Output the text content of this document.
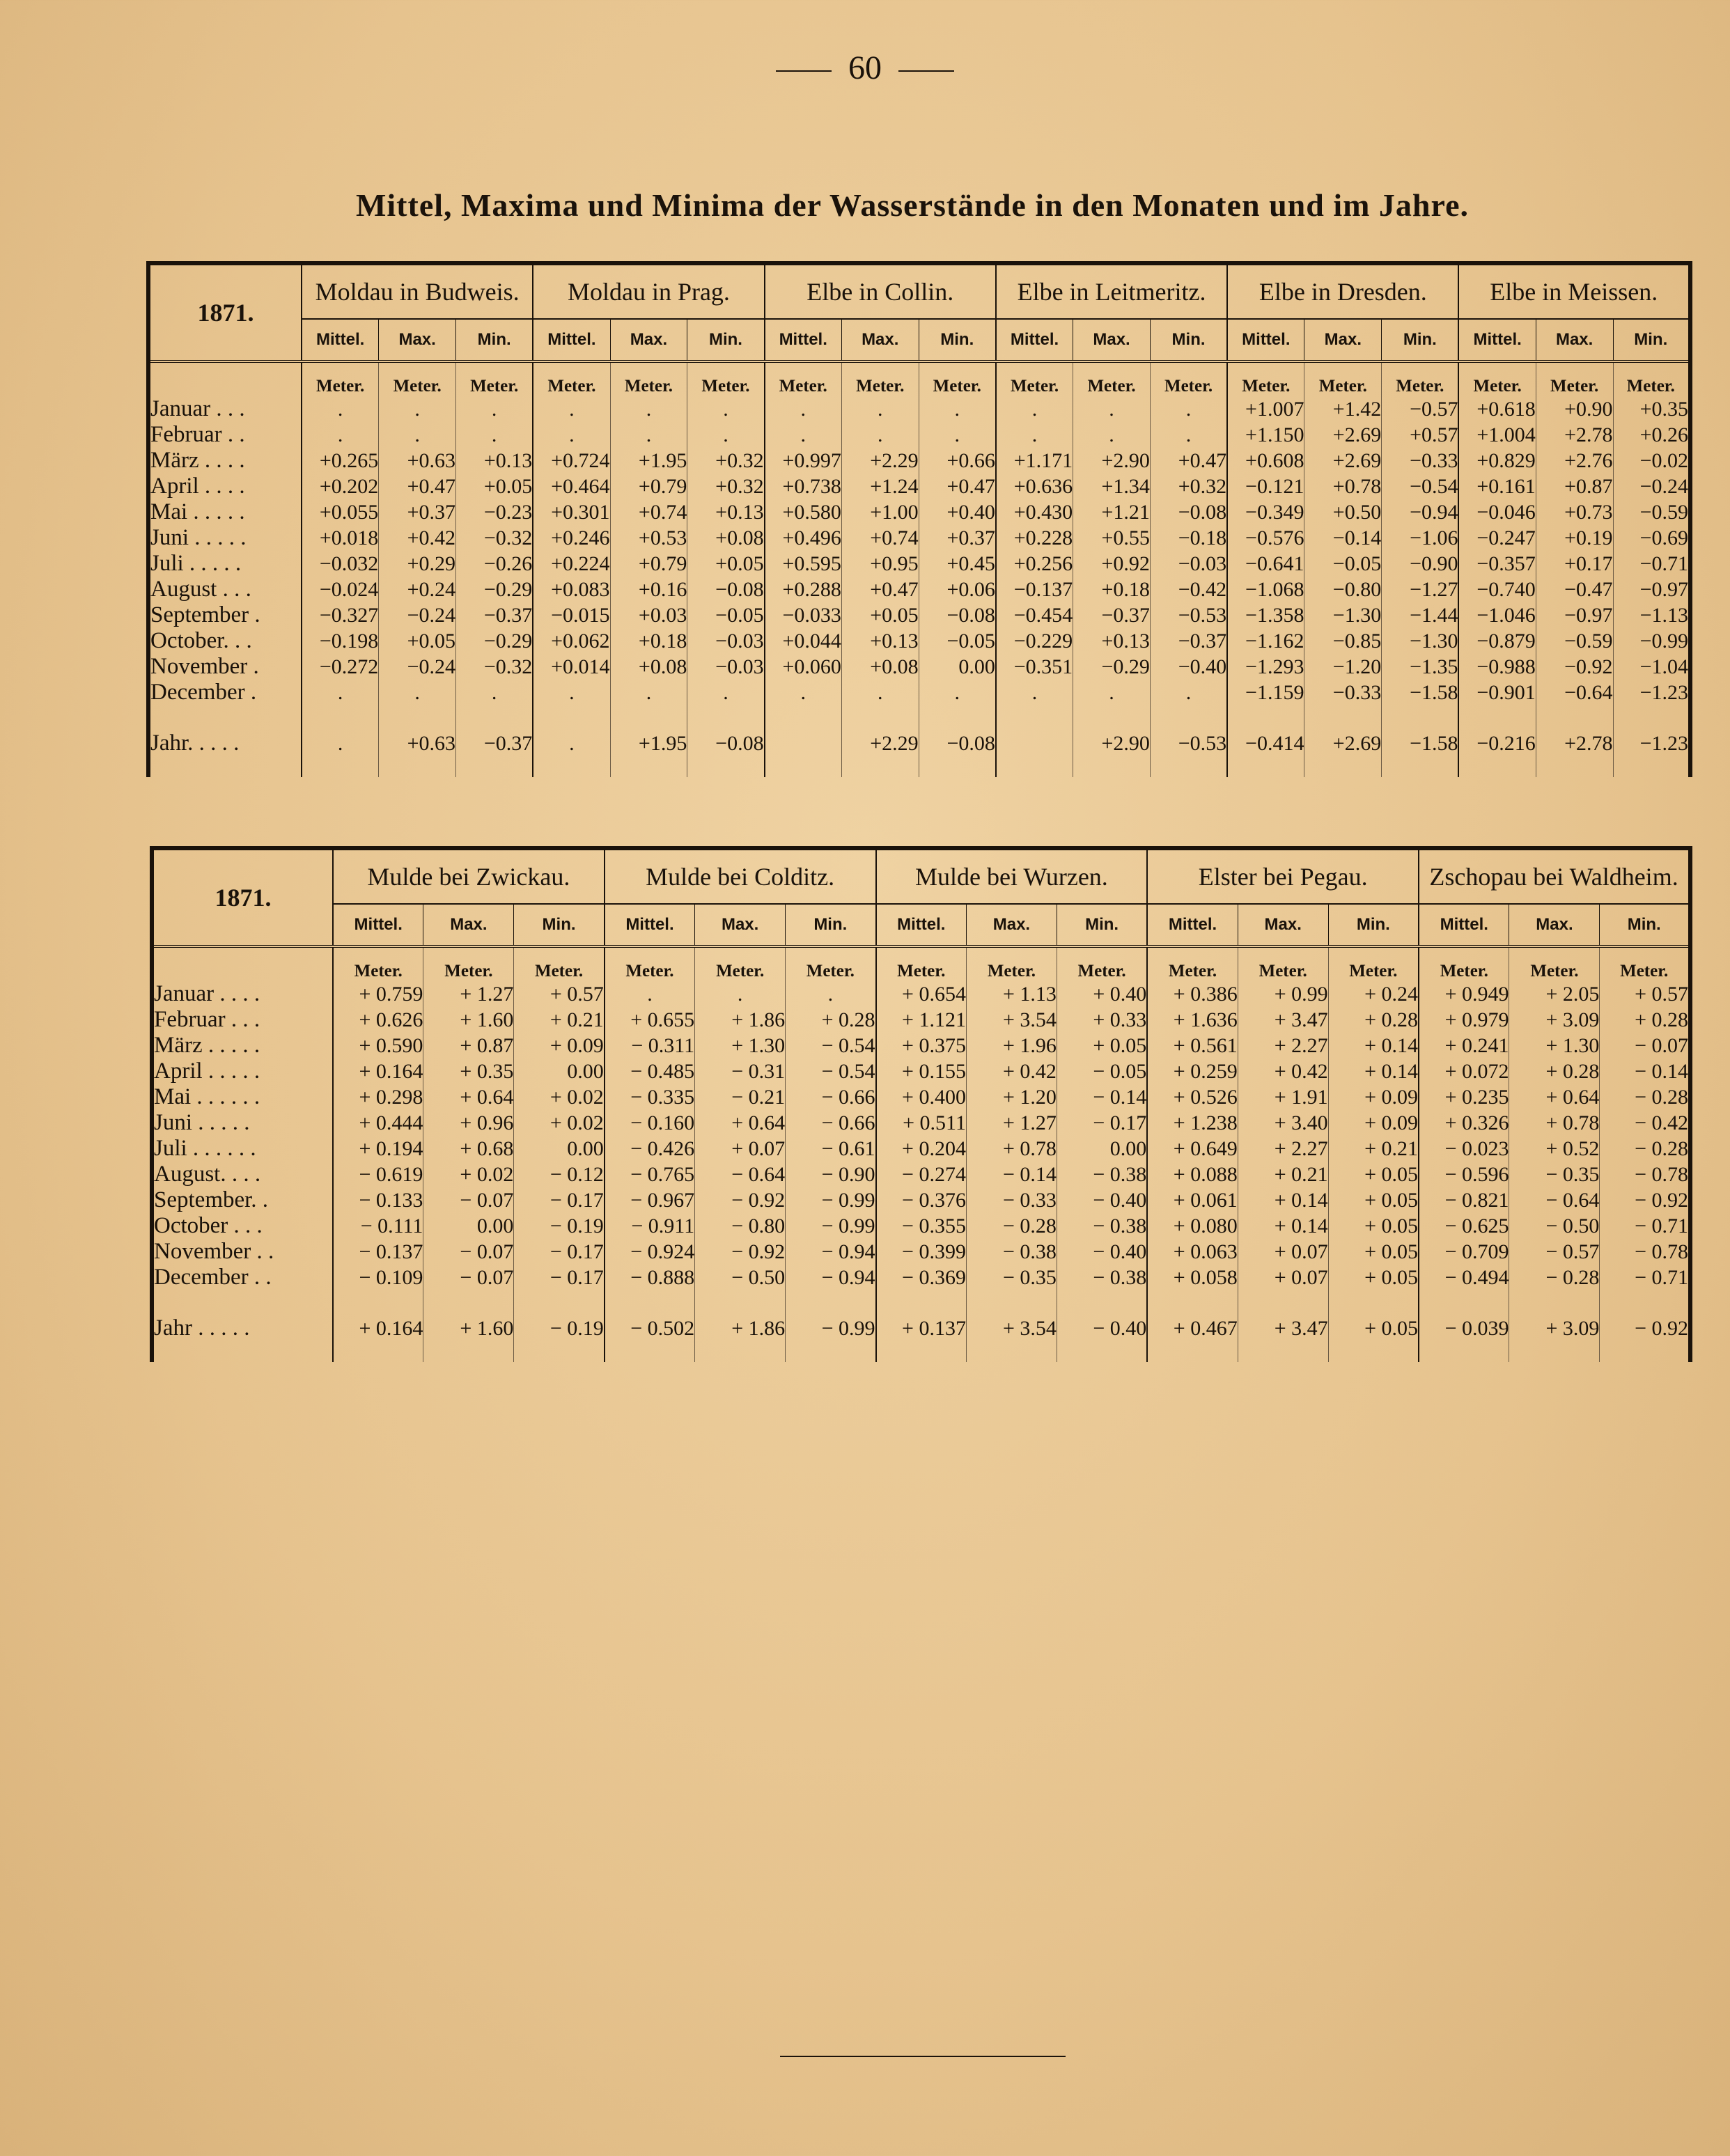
60
Mittel, Maxima und Minima der Wasserstände in den Monaten und im Jahre.
1871.	Moldau in Budweis.			Moldau in Prag.			Elbe in Collin.			Elbe in Leitmeritz.			Elbe in Dresden.			Elbe in Meissen.		
	Mittel.	Max.	Min.	Mittel.	Max.	Min.	Mittel.	Max.	Min.	Mittel.	Max.	Min.	Mittel.	Max.	Min.	Mittel.	Max.	Min.
	Meter.	Meter.	Meter.	Meter.	Meter.	Meter.	Meter.	Meter.	Meter.	Meter.	Meter.	Meter.	Meter.	Meter.	Meter.	Meter.	Meter.	Meter.
Januar . . .	.	.	.	.	.	.	.	.	.	.	.	.	+1.007	+1.42	−0.57	+0.618	+0.90	+0.35
Februar . .	.	.	.	.	.	.	.	.	.	.	.	.	+1.150	+2.69	+0.57	+1.004	+2.78	+0.26
März . . . .	+0.265	+0.63	+0.13	+0.724	+1.95	+0.32	+0.997	+2.29	+0.66	+1.171	+2.90	+0.47	+0.608	+2.69	−0.33	+0.829	+2.76	−0.02
April . . . .	+0.202	+0.47	+0.05	+0.464	+0.79	+0.32	+0.738	+1.24	+0.47	+0.636	+1.34	+0.32	−0.121	+0.78	−0.54	+0.161	+0.87	−0.24
Mai . . . . .	+0.055	+0.37	−0.23	+0.301	+0.74	+0.13	+0.580	+1.00	+0.40	+0.430	+1.21	−0.08	−0.349	+0.50	−0.94	−0.046	+0.73	−0.59
Juni . . . . .	+0.018	+0.42	−0.32	+0.246	+0.53	+0.08	+0.496	+0.74	+0.37	+0.228	+0.55	−0.18	−0.576	−0.14	−1.06	−0.247	+0.19	−0.69
Juli . . . . .	−0.032	+0.29	−0.26	+0.224	+0.79	+0.05	+0.595	+0.95	+0.45	+0.256	+0.92	−0.03	−0.641	−0.05	−0.90	−0.357	+0.17	−0.71
August . . .	−0.024	+0.24	−0.29	+0.083	+0.16	−0.08	+0.288	+0.47	+0.06	−0.137	+0.18	−0.42	−1.068	−0.80	−1.27	−0.740	−0.47	−0.97
September .	−0.327	−0.24	−0.37	−0.015	+0.03	−0.05	−0.033	+0.05	−0.08	−0.454	−0.37	−0.53	−1.358	−1.30	−1.44	−1.046	−0.97	−1.13
October. . .	−0.198	+0.05	−0.29	+0.062	+0.18	−0.03	+0.044	+0.13	−0.05	−0.229	+0.13	−0.37	−1.162	−0.85	−1.30	−0.879	−0.59	−0.99
November .	−0.272	−0.24	−0.32	+0.014	+0.08	−0.03	+0.060	+0.08	0.00	−0.351	−0.29	−0.40	−1.293	−1.20	−1.35	−0.988	−0.92	−1.04
December .	.	.	.	.	.	.	.	.	.	.	.	.	−1.159	−0.33	−1.58	−0.901	−0.64	−1.23

Jahr. . . . .	.	+0.63	−0.37	.	+1.95	−0.08		+2.29	−0.08		+2.90	−0.53	−0.414	+2.69	−1.58	−0.216	+2.78	−1.23

1871.	Mulde bei Zwickau.			Mulde bei Colditz.			Mulde bei Wurzen.			Elster bei Pegau.			Zschopau bei Waldheim.		
	Mittel.	Max.	Min.	Mittel.	Max.	Min.	Mittel.	Max.	Min.	Mittel.	Max.	Min.	Mittel.	Max.	Min.
	Meter.	Meter.	Meter.	Meter.	Meter.	Meter.	Meter.	Meter.	Meter.	Meter.	Meter.	Meter.	Meter.	Meter.	Meter.
Januar . . . .	+ 0.759	+ 1.27	+ 0.57	.	.	.	+ 0.654	+ 1.13	+ 0.40	+ 0.386	+ 0.99	+ 0.24	+ 0.949	+ 2.05	+ 0.57
Februar . . .	+ 0.626	+ 1.60	+ 0.21	+ 0.655	+ 1.86	+ 0.28	+ 1.121	+ 3.54	+ 0.33	+ 1.636	+ 3.47	+ 0.28	+ 0.979	+ 3.09	+ 0.28
März . . . . .	+ 0.590	+ 0.87	+ 0.09	− 0.311	+ 1.30	− 0.54	+ 0.375	+ 1.96	+ 0.05	+ 0.561	+ 2.27	+ 0.14	+ 0.241	+ 1.30	− 0.07
April . . . . .	+ 0.164	+ 0.35	0.00	− 0.485	− 0.31	− 0.54	+ 0.155	+ 0.42	− 0.05	+ 0.259	+ 0.42	+ 0.14	+ 0.072	+ 0.28	− 0.14
Mai . . . . . .	+ 0.298	+ 0.64	+ 0.02	− 0.335	− 0.21	− 0.66	+ 0.400	+ 1.20	− 0.14	+ 0.526	+ 1.91	+ 0.09	+ 0.235	+ 0.64	− 0.28
Juni . . . . .	+ 0.444	+ 0.96	+ 0.02	− 0.160	+ 0.64	− 0.66	+ 0.511	+ 1.27	− 0.17	+ 1.238	+ 3.40	+ 0.09	+ 0.326	+ 0.78	− 0.42
Juli . . . . . .	+ 0.194	+ 0.68	0.00	− 0.426	+ 0.07	− 0.61	+ 0.204	+ 0.78	0.00	+ 0.649	+ 2.27	+ 0.21	− 0.023	+ 0.52	− 0.28
August. . . .	− 0.619	+ 0.02	− 0.12	− 0.765	− 0.64	− 0.90	− 0.274	− 0.14	− 0.38	+ 0.088	+ 0.21	+ 0.05	− 0.596	− 0.35	− 0.78
September. .	− 0.133	− 0.07	− 0.17	− 0.967	− 0.92	− 0.99	− 0.376	− 0.33	− 0.40	+ 0.061	+ 0.14	+ 0.05	− 0.821	− 0.64	− 0.92
October . . .	− 0.111	0.00	− 0.19	− 0.911	− 0.80	− 0.99	− 0.355	− 0.28	− 0.38	+ 0.080	+ 0.14	+ 0.05	− 0.625	− 0.50	− 0.71
November . .	− 0.137	− 0.07	− 0.17	− 0.924	− 0.92	− 0.94	− 0.399	− 0.38	− 0.40	+ 0.063	+ 0.07	+ 0.05	− 0.709	− 0.57	− 0.78
December . .	− 0.109	− 0.07	− 0.17	− 0.888	− 0.50	− 0.94	− 0.369	− 0.35	− 0.38	+ 0.058	+ 0.07	+ 0.05	− 0.494	− 0.28	− 0.71

Jahr . . . . .	+ 0.164	+ 1.60	− 0.19	− 0.502	+ 1.86	− 0.99	+ 0.137	+ 3.54	− 0.40	+ 0.467	+ 3.47	+ 0.05	− 0.039	+ 3.09	− 0.92
